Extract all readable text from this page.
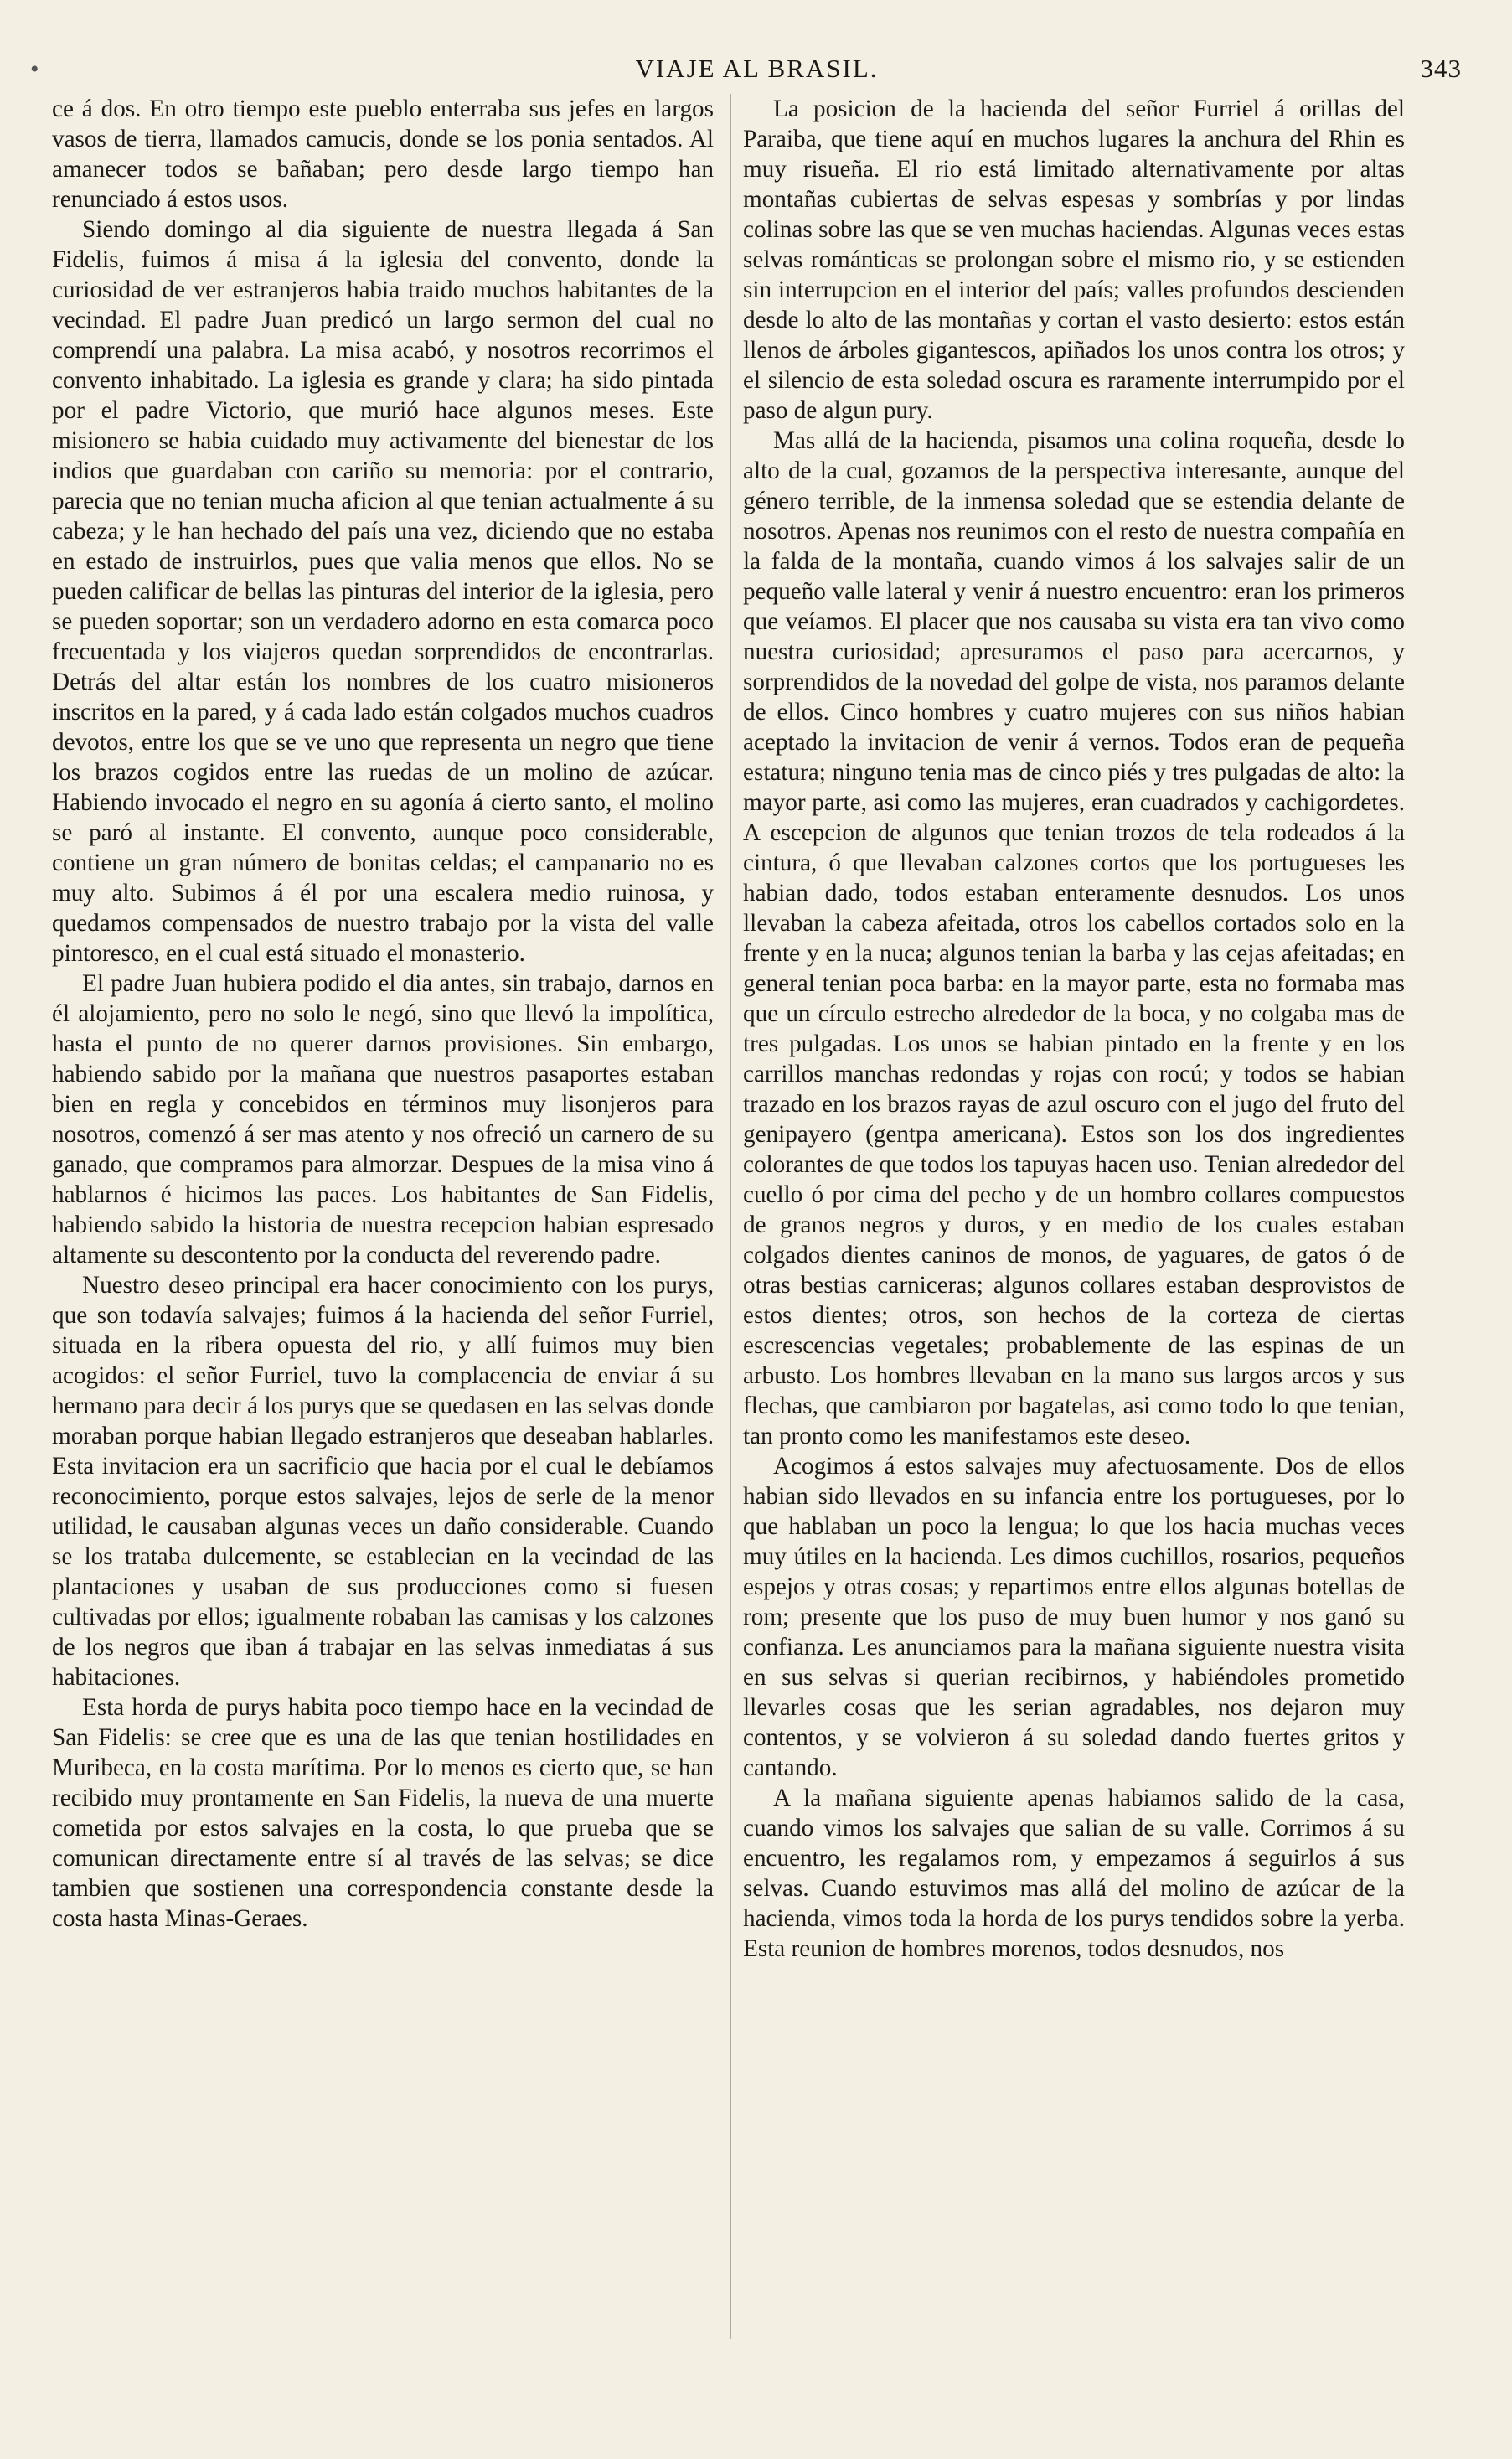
•	VIAJE AL BRASIL.	343

ce á dos. En otro tiempo este pueblo enterraba sus jefes en largos vasos de tierra, llamados camucis, donde se los ponia sentados. Al amanecer todos se bañaban; pero desde largo tiempo han renunciado á estos usos.

Siendo domingo al dia siguiente de nuestra llegada á San Fidelis, fuimos á misa á la iglesia del convento, donde la curiosidad de ver estranjeros habia traido muchos habitantes de la vecindad. El padre Juan predicó un largo sermon del cual no comprendí una palabra. La misa acabó, y nosotros recorrimos el convento inhabitado. La iglesia es grande y clara; ha sido pintada por el padre Victorio, que murió hace algunos meses. Este misionero se habia cuidado muy activamente del bienestar de los indios que guardaban con cariño su memoria: por el contrario, parecia que no tenian mucha aficion al que tenian actualmente á su cabeza; y le han hechado del país una vez, diciendo que no estaba en estado de instruirlos, pues que valia menos que ellos. No se pueden calificar de bellas las pinturas del interior de la iglesia, pero se pueden soportar; son un verdadero adorno en esta comarca poco frecuentada y los viajeros quedan sorprendidos de encontrarlas. Detrás del altar están los nombres de los cuatro misioneros inscritos en la pared, y á cada lado están colgados muchos cuadros devotos, entre los que se ve uno que representa un negro que tiene los brazos cogidos entre las ruedas de un molino de azúcar. Habiendo invocado el negro en su agonía á cierto santo, el molino se paró al instante. El convento, aunque poco considerable, contiene un gran número de bonitas celdas; el campanario no es muy alto. Subimos á él por una escalera medio ruinosa, y quedamos compensados de nuestro trabajo por la vista del valle pintoresco, en el cual está situado el monasterio.

El padre Juan hubiera podido el dia antes, sin trabajo, darnos en él alojamiento, pero no solo le negó, sino que llevó la impolítica, hasta el punto de no querer darnos provisiones. Sin embargo, habiendo sabido por la mañana que nuestros pasaportes estaban bien en regla y concebidos en términos muy lisonjeros para nosotros, comenzó á ser mas atento y nos ofreció un carnero de su ganado, que compramos para almorzar. Despues de la misa vino á hablarnos é hicimos las paces. Los habitantes de San Fidelis, habiendo sabido la historia de nuestra recepcion habian espresado altamente su descontento por la conducta del reverendo padre.

Nuestro deseo principal era hacer conocimiento con los purys, que son todavía salvajes; fuimos á la hacienda del señor Furriel, situada en la ribera opuesta del rio, y allí fuimos muy bien acogidos: el señor Furriel, tuvo la complacencia de enviar á su hermano para decir á los purys que se quedasen en las selvas donde moraban porque habian llegado estranjeros que deseaban hablarles. Esta invitacion era un sacrificio que hacia por el cual le debíamos reconocimiento, porque estos salvajes, lejos de serle de la menor utilidad, le causaban algunas veces un daño considerable. Cuando se los trataba dulcemente, se establecian en la vecindad de las plantaciones y usaban de sus producciones como si fuesen cultivadas por ellos; igualmente robaban las camisas y los calzones de los negros que iban á trabajar en las selvas inmediatas á sus habitaciones.

Esta horda de purys habita poco tiempo hace en la vecindad de San Fidelis: se cree que es una de las que tenian hostilidades en Muribeca, en la costa marítima. Por lo menos es cierto que, se han recibido muy prontamente en San Fidelis, la nueva de una muerte cometida por estos salvajes en la costa, lo que prueba que se comunican directamente entre sí al través de las selvas; se dice tambien que sostienen una correspondencia constante desde la costa hasta Minas-Geraes.

La posicion de la hacienda del señor Furriel á orillas del Paraiba, que tiene aquí en muchos lugares la anchura del Rhin es muy risueña. El rio está limitado alternativamente por altas montañas cubiertas de selvas espesas y sombrías y por lindas colinas sobre las que se ven muchas haciendas. Algunas veces estas selvas románticas se prolongan sobre el mismo rio, y se estienden sin interrupcion en el interior del país; valles profundos descienden desde lo alto de las montañas y cortan el vasto desierto: estos están llenos de árboles gigantescos, apiñados los unos contra los otros; y el silencio de esta soledad oscura es raramente interrumpido por el paso de algun pury.

Mas allá de la hacienda, pisamos una colina roqueña, desde lo alto de la cual, gozamos de la perspectiva interesante, aunque del género terrible, de la inmensa soledad que se estendia delante de nosotros. Apenas nos reunimos con el resto de nuestra compañía en la falda de la montaña, cuando vimos á los salvajes salir de un pequeño valle lateral y venir á nuestro encuentro: eran los primeros que veíamos. El placer que nos causaba su vista era tan vivo como nuestra curiosidad; apresuramos el paso para acercarnos, y sorprendidos de la novedad del golpe de vista, nos paramos delante de ellos. Cinco hombres y cuatro mujeres con sus niños habian aceptado la invitacion de venir á vernos. Todos eran de pequeña estatura; ninguno tenia mas de cinco piés y tres pulgadas de alto: la mayor parte, asi como las mujeres, eran cuadrados y cachigordetes. A escepcion de algunos que tenian trozos de tela rodeados á la cintura, ó que llevaban calzones cortos que los portugueses les habian dado, todos estaban enteramente desnudos. Los unos llevaban la cabeza afeitada, otros los cabellos cortados solo en la frente y en la nuca; algunos tenian la barba y las cejas afeitadas; en general tenian poca barba: en la mayor parte, esta no formaba mas que un círculo estrecho alrededor de la boca, y no colgaba mas de tres pulgadas. Los unos se habian pintado en la frente y en los carrillos manchas redondas y rojas con rocú; y todos se habian trazado en los brazos rayas de azul oscuro con el jugo del fruto del genipayero (gentpa americana). Estos son los dos ingredientes colorantes de que todos los tapuyas hacen uso. Tenian alrededor del cuello ó por cima del pecho y de un hombro collares compuestos de granos negros y duros, y en medio de los cuales estaban colgados dientes caninos de monos, de yaguares, de gatos ó de otras bestias carniceras; algunos collares estaban desprovistos de estos dientes; otros, son hechos de la corteza de ciertas escrescencias vegetales; probablemente de las espinas de un arbusto. Los hombres llevaban en la mano sus largos arcos y sus flechas, que cambiaron por bagatelas, asi como todo lo que tenian, tan pronto como les manifestamos este deseo.

Acogimos á estos salvajes muy afectuosamente. Dos de ellos habian sido llevados en su infancia entre los portugueses, por lo que hablaban un poco la lengua; lo que los hacia muchas veces muy útiles en la hacienda. Les dimos cuchillos, rosarios, pequeños espejos y otras cosas; y repartimos entre ellos algunas botellas de rom; presente que los puso de muy buen humor y nos ganó su confianza. Les anunciamos para la mañana siguiente nuestra visita en sus selvas si querian recibirnos, y habiéndoles prometido llevarles cosas que les serian agradables, nos dejaron muy contentos, y se volvieron á su soledad dando fuertes gritos y cantando.

A la mañana siguiente apenas habiamos salido de la casa, cuando vimos los salvajes que salian de su valle. Corrimos á su encuentro, les regalamos rom, y empezamos á seguirlos á sus selvas. Cuando estuvimos mas allá del molino de azúcar de la hacienda, vimos toda la horda de los purys tendidos sobre la yerba. Esta reunion de hombres morenos, todos desnudos, nos
